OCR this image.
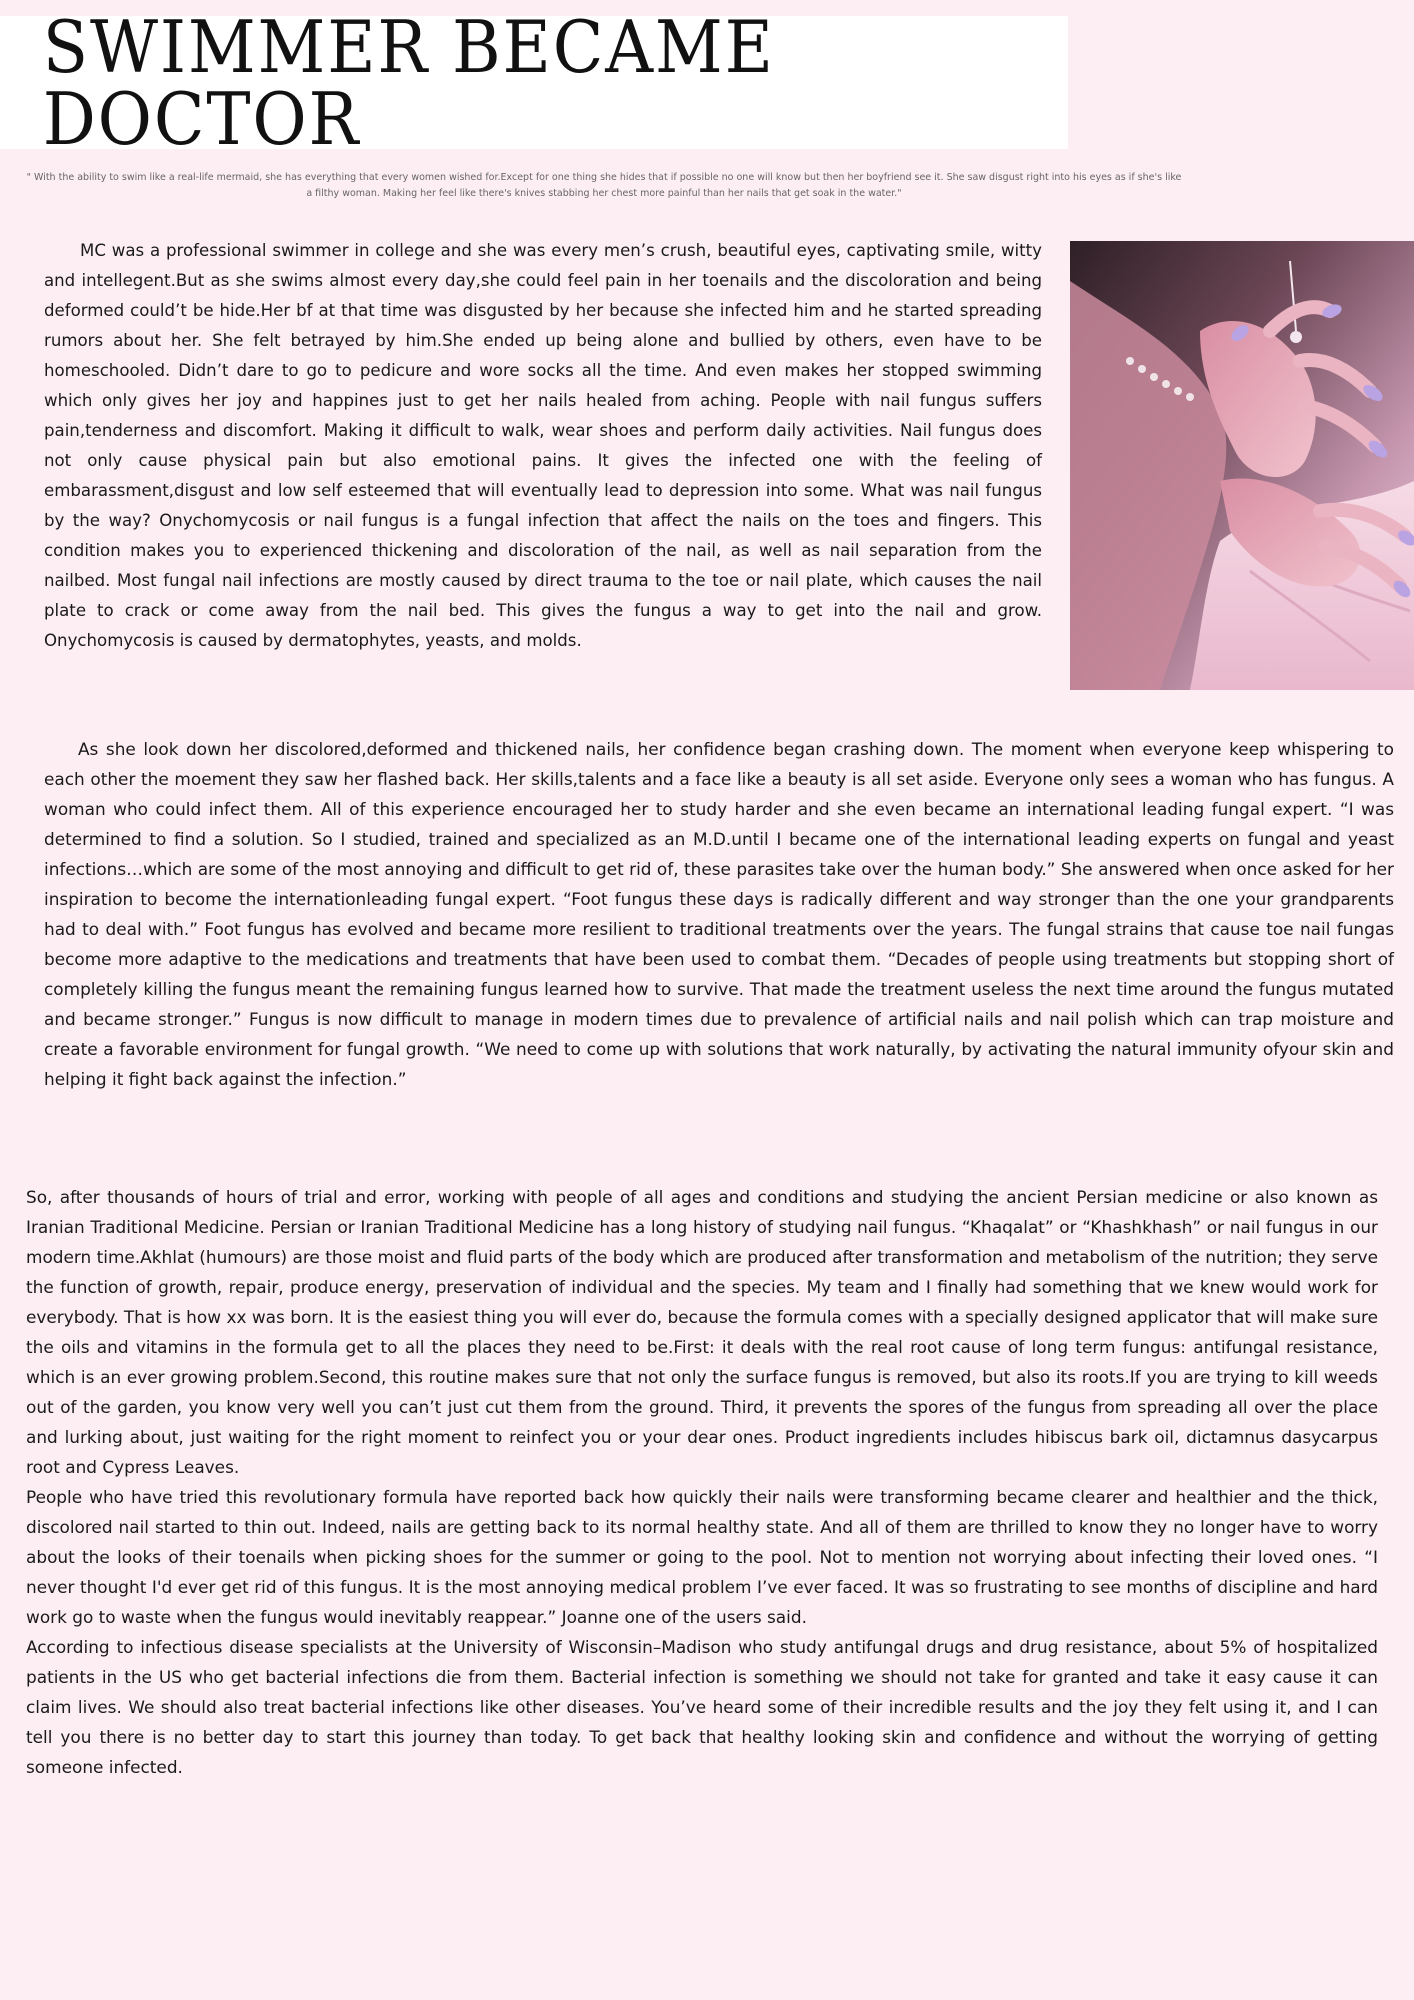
SWIMMER BECAME DOCTOR

" With the ability to swim like a real-life mermaid, she has everything that every women wished for.Except for one thing she hides that if possible no one will know but then her boyfriend see it. She saw disgust right into his eyes as if she's like a filthy woman. Making her feel like there's knives stabbing her chest more painful than her nails that get soak in the water."

MC was a professional swimmer in college and she was every men’s crush, beautiful eyes, captivating smile, witty and intellegent.But as she swims almost every day,she could feel pain in her toenails and the discoloration and being deformed could’t be hide.Her bf at that time was disgusted by her because she infected him and he started spreading rumors about her. She felt betrayed by him.She ended up being alone and bullied by others, even have to be homeschooled. Didn’t dare to go to pedicure and wore socks all the time. And even makes her stopped swimming which only gives her joy and happines just to get her nails healed from aching. People with nail fungus suffers pain,tenderness and discomfort. Making it difficult to walk, wear shoes and perform daily activities. Nail fungus does not only cause physical pain but also emotional pains. It gives the infected one with the feeling of embarassment,disgust and low self esteemed that will eventually lead to depression into some. What was nail fungus by the way? Onychomycosis or nail fungus is a fungal infection that affect the nails on the toes and fingers. This condition makes you to experienced thickening and discoloration of the nail, as well as nail separation from the nailbed. Most fungal nail infections are mostly caused by direct trauma to the toe or nail plate, which causes the nail plate to crack or come away from the nail bed. This gives the fungus a way to get into the nail and grow. Onychomycosis is caused by dermatophytes, yeasts, and molds.

As she look down her discolored,deformed and thickened nails, her confidence began crashing down. The moment when everyone keep whispering to each other the moement they saw her flashed back. Her skills,talents and a face like a beauty is all set aside. Everyone only sees a woman who has fungus. A woman who could infect them. All of this experience encouraged her to study harder and she even became an international leading fungal expert. “I was determined to find a solution. So I studied, trained and specialized as an M.D.until I became one of the international leading experts on fungal and yeast infections…which are some of the most annoying and difficult to get rid of, these parasites take over the human body.” She answered when once asked for her inspiration to become the internationleading fungal expert. “Foot fungus these days is radically different and way stronger than the one your grandparents had to deal with.” Foot fungus has evolved and became more resilient to traditional treatments over the years. The fungal strains that cause toe nail fungas become more adaptive to the medications and treatments that have been used to combat them. “Decades of people using treatments but stopping short of completely killing the fungus meant the remaining fungus learned how to survive. That made the treatment useless the next time around the fungus mutated and became stronger.” Fungus is now difficult to manage in modern times due to prevalence of artificial nails and nail polish which can trap moisture and create a favorable environment for fungal growth. “We need to come up with solutions that work naturally, by activating the natural immunity ofyour skin and helping it fight back against the infection.”

So, after thousands of hours of trial and error, working with people of all ages and conditions and studying the ancient Persian medicine or also known as Iranian Traditional Medicine. Persian or Iranian Traditional Medicine has a long history of studying nail fungus. “Khaqalat” or “Khashkhash” or nail fungus in our modern time.Akhlat (humours) are those moist and fluid parts of the body which are produced after transformation and metabolism of the nutrition; they serve the function of growth, repair, produce energy, preservation of individual and the species. My team and I finally had something that we knew would work for everybody. That is how xx was born. It is the easiest thing you will ever do, because the formula comes with a specially designed applicator that will make sure the oils and vitamins in the formula get to all the places they need to be.First: it deals with the real root cause of long term fungus: antifungal resistance, which is an ever growing problem.Second, this routine makes sure that not only the surface fungus is removed, but also its roots.If you are trying to kill weeds out of the garden, you know very well you can’t just cut them from the ground. Third, it prevents the spores of the fungus from spreading all over the place and lurking about, just waiting for the right moment to reinfect you or your dear ones. Product ingredients includes hibiscus bark oil, dictamnus dasycarpus root and Cypress Leaves.
People who have tried this revolutionary formula have reported back how quickly their nails were transforming became clearer and healthier and the thick, discolored nail started to thin out. Indeed, nails are getting back to its normal healthy state. And all of them are thrilled to know they no longer have to worry about the looks of their toenails when picking shoes for the summer or going to the pool. Not to mention not worrying about infecting their loved ones. “I never thought I'd ever get rid of this fungus. It is the most annoying medical problem I’ve ever faced. It was so frustrating to see months of discipline and hard work go to waste when the fungus would inevitably reappear.” Joanne one of the users said.
According to infectious disease specialists at the University of Wisconsin–Madison who study antifungal drugs and drug resistance, about 5% of hospitalized patients in the US who get bacterial infections die from them. Bacterial infection is something we should not take for granted and take it easy cause it can claim lives. We should also treat bacterial infections like other diseases. You’ve heard some of their incredible results and the joy they felt using it, and I can tell you there is no better day to start this journey than today. To get back that healthy looking skin and confidence and without the worrying of getting someone infected.
